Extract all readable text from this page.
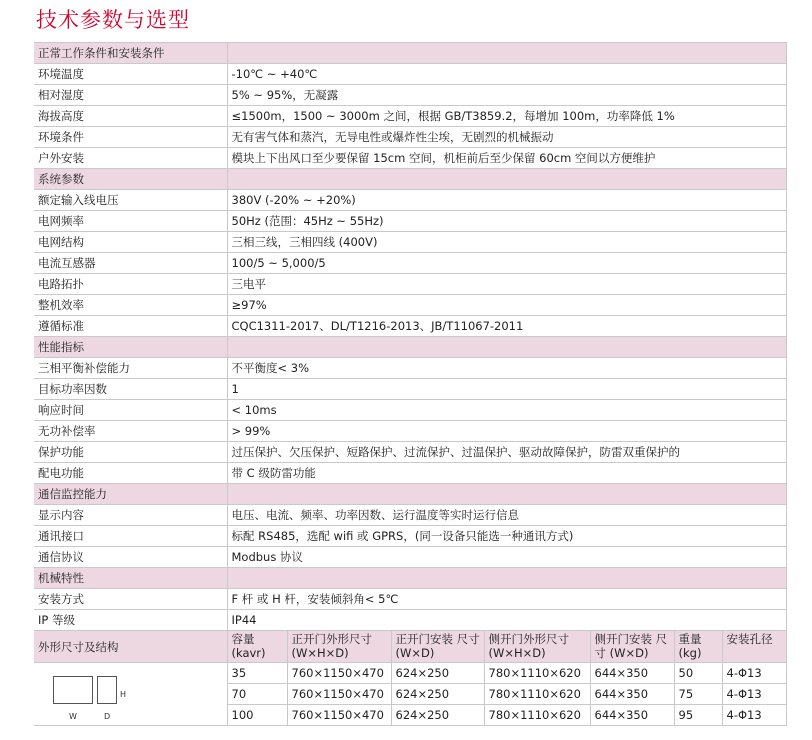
技术参数与选型
正常工作条件和安装条件							
环境温度	-10℃ ~ +40℃						
相对湿度	5% ~ 95%，无凝露						
海拔高度	≤1500m，1500 ~ 3000m 之间，根据 GB/T3859.2，每增加 100m，功率降低 1%						
环境条件	无有害气体和蒸汽，无导电性或爆炸性尘埃，无剧烈的机械振动						
户外安装	模块上下出风口至少要保留 15cm 空间，机柜前后至少保留 60cm 空间以方便维护						
系统参数							
额定输入线电压	380V (-20% ~ +20%)						
电网频率	50Hz (范围：45Hz ~ 55Hz)						
电网结构	三相三线，三相四线 (400V)						
电流互感器	100/5 ~ 5,000/5						
电路拓扑	三电平						
整机效率	≥97%						
遵循标准	CQC1311-2017、DL/T1216-2013、JB/T11067-2011						
性能指标							
三相平衡补偿能力	不平衡度< 3%						
目标功率因数	1						
响应时间	< 10ms						
无功补偿率	> 99%						
保护功能	过压保护、欠压保护、短路保护、过流保护、过温保护、驱动故障保护，防雷双重保护的						
配电功能	带 C 级防雷功能						
通信监控能力							
显示内容	电压、电流、频率、功率因数、运行温度等实时运行信息						
通讯接口	标配 RS485，选配 wifi 或 GPRS，(同一设备只能选一种通讯方式)						
通信协议	Modbus 协议						
机械特性							
安装方式	F 杆 或 H 杆，安装倾斜角< 5℃						
IP 等级	IP44						
外形尺寸及结构	容量 (kavr)	正开门外形尺寸 (W×H×D)	正开门安装 尺寸 (W×D)	侧开门外形尺寸 (W×H×D)	侧开门安装 尺寸 (W×D)	重量 (kg)	安装孔径

H
W D	35	760×1150×470	624×250	780×1110×620	644×350	50	4-Φ13
	70	760×1150×470	624×250	780×1110×620	644×350	75	4-Φ13
	100	760×1150×470	624×250	780×1110×620	644×350	95	4-Φ13
